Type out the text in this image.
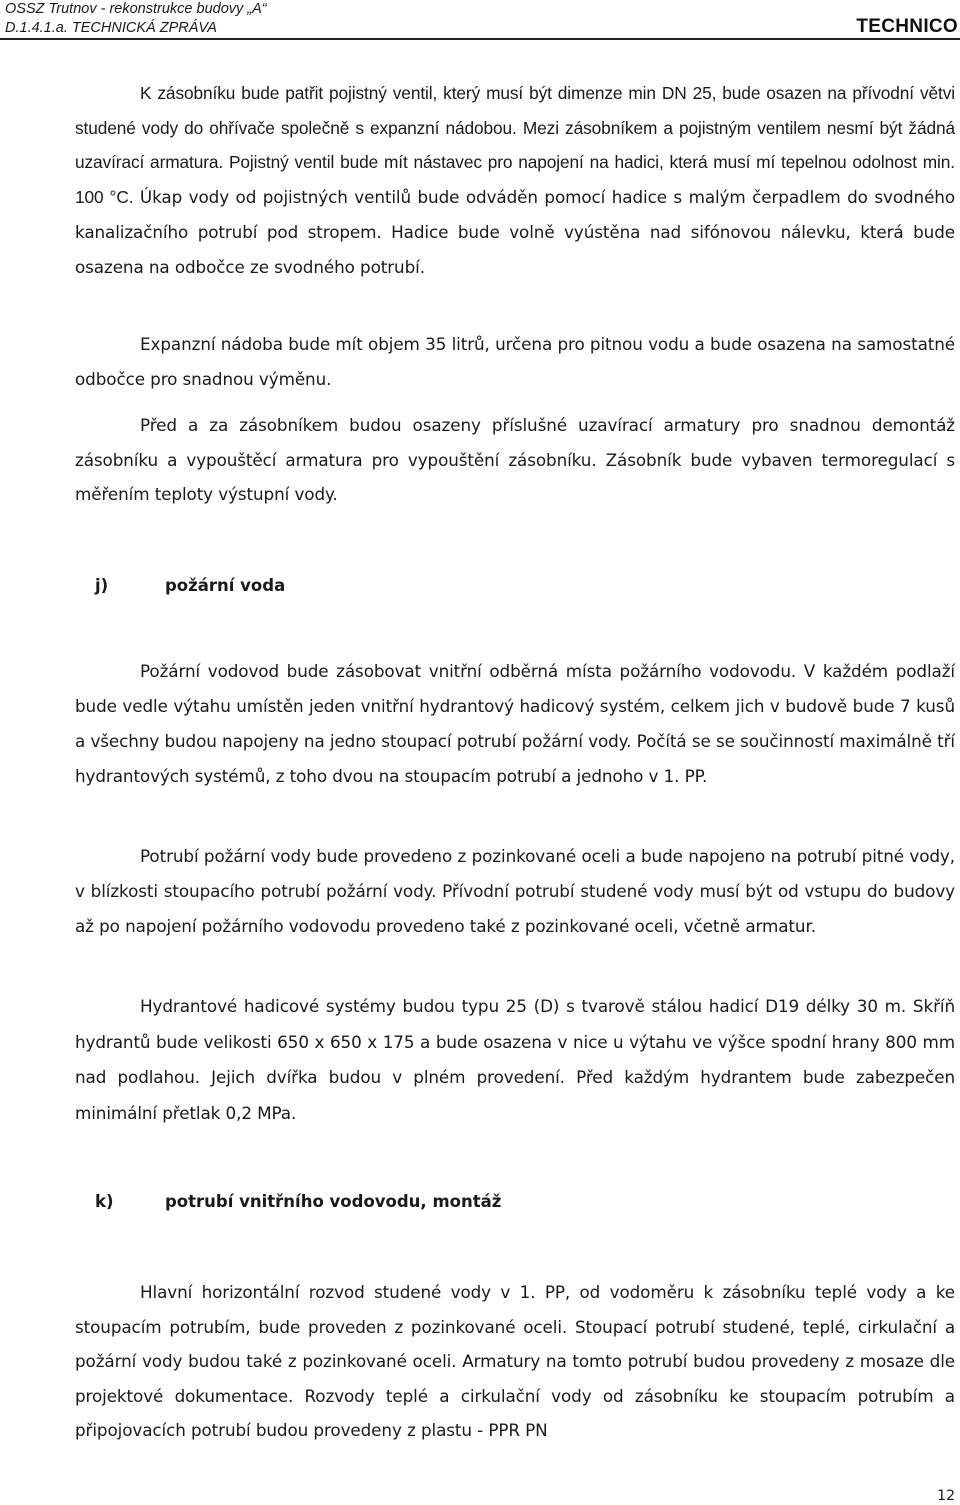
OSSZ Trutnov - rekonstrukce budovy „A“
D.1.4.1.a. TECHNICKÁ ZPRÁVA	TECHNICO

K zásobníku bude patřit pojistný ventil, který musí být dimenze min DN 25, bude osazen na přívodní větvi studené vody do ohřívače společně s expanzní nádobou. Mezi zásobníkem a pojistným ventilem nesmí být žádná uzavírací armatura. Pojistný ventil bude mít nástavec pro napojení na hadici, která musí mí tepelnou odolnost min. 100 °C. Úkap vody od pojistných ventilů bude odváděn pomocí hadice s malým čerpadlem do svodného kanalizačního potrubí pod stropem. Hadice bude volně vyústěna nad sifónovou nálevku, která bude osazena na odbočce ze svodného potrubí.

Expanzní nádoba bude mít objem 35 litrů, určena pro pitnou vodu a bude osazena na samostatné odbočce pro snadnou výměnu.

Před a za zásobníkem budou osazeny příslušné uzavírací armatury pro snadnou demontáž zásobníku a vypouštěcí armatura pro vypouštění zásobníku. Zásobník bude vybaven termoregulací s měřením teploty výstupní vody.

j)	požární voda

Požární vodovod bude zásobovat vnitřní odběrná místa požárního vodovodu. V každém podlaží bude vedle výtahu umístěn jeden vnitřní hydrantový hadicový systém, celkem jich v budově bude 7 kusů a všechny budou napojeny na jedno stoupací potrubí požární vody. Počítá se se součinností maximálně tří hydrantových systémů, z toho dvou na stoupacím potrubí a jednoho v 1. PP.

Potrubí požární vody bude provedeno z pozinkované oceli a bude napojeno na potrubí pitné vody, v blízkosti stoupacího potrubí požární vody. Přívodní potrubí studené vody musí být od vstupu do budovy až po napojení požárního vodovodu provedeno také z pozinkované oceli, včetně armatur.

Hydrantové hadicové systémy budou typu 25 (D) s tvarově stálou hadicí D19 délky 30 m. Skříň hydrantů bude velikosti 650 x 650 x 175 a bude osazena v nice u výtahu ve výšce spodní hrany 800 mm nad podlahou. Jejich dvířka budou v plném provedení. Před každým hydrantem bude zabezpečen minimální přetlak 0,2 MPa.

k)	potrubí vnitřního vodovodu, montáž

Hlavní horizontální rozvod studené vody v 1. PP, od vodoměru k zásobníku teplé vody a ke stoupacím potrubím, bude proveden z pozinkované oceli. Stoupací potrubí studené, teplé, cirkulační a požární vody budou také z pozinkované oceli. Armatury na tomto potrubí budou provedeny z mosaze dle projektové dokumentace. Rozvody teplé a cirkulační vody od zásobníku ke stoupacím potrubím a připojovacích potrubí budou provedeny z plastu - PPR PN

12
